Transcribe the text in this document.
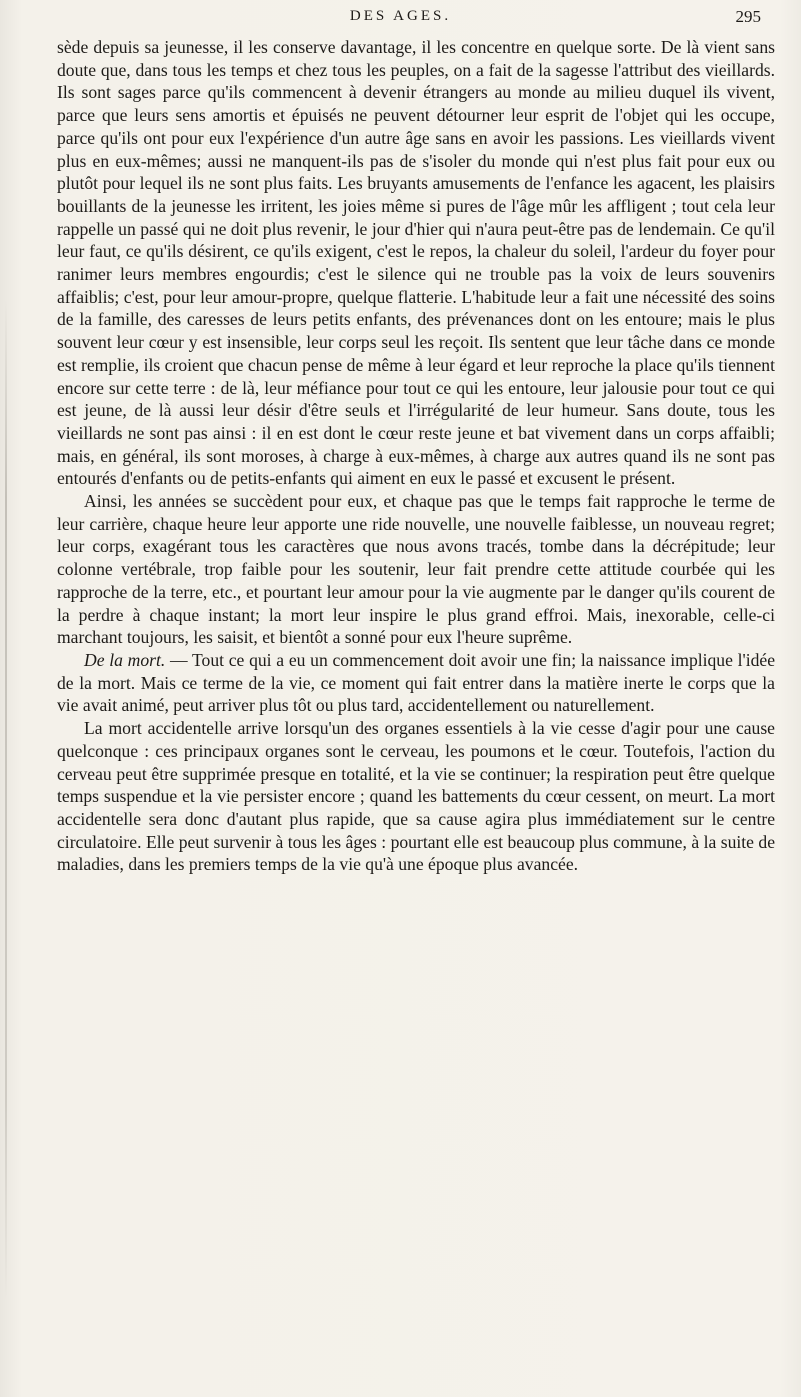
DES AGES.	295

sède depuis sa jeunesse, il les conserve davantage, il les concentre en quelque sorte. De là vient sans doute que, dans tous les temps et chez tous les peuples, on a fait de la sagesse l'attribut des vieillards. Ils sont sages parce qu'ils commencent à devenir étrangers au monde au milieu duquel ils vivent, parce que leurs sens amortis et épuisés ne peuvent détourner leur esprit de l'objet qui les occupe, parce qu'ils ont pour eux l'expérience d'un autre âge sans en avoir les passions. Les vieillards vivent plus en eux-mêmes; aussi ne manquent-ils pas de s'isoler du monde qui n'est plus fait pour eux ou plutôt pour lequel ils ne sont plus faits. Les bruyants amusements de l'enfance les agacent, les plaisirs bouillants de la jeunesse les irritent, les joies même si pures de l'âge mûr les affligent ; tout cela leur rappelle un passé qui ne doit plus revenir, le jour d'hier qui n'aura peut-être pas de lendemain. Ce qu'il leur faut, ce qu'ils désirent, ce qu'ils exigent, c'est le repos, la chaleur du soleil, l'ardeur du foyer pour ranimer leurs membres engourdis; c'est le silence qui ne trouble pas la voix de leurs souvenirs affaiblis; c'est, pour leur amour-propre, quelque flatterie. L'habitude leur a fait une nécessité des soins de la famille, des caresses de leurs petits enfants, des prévenances dont on les entoure; mais le plus souvent leur cœur y est insensible, leur corps seul les reçoit. Ils sentent que leur tâche dans ce monde est remplie, ils croient que chacun pense de même à leur égard et leur reproche la place qu'ils tiennent encore sur cette terre : de là, leur méfiance pour tout ce qui les entoure, leur jalousie pour tout ce qui est jeune, de là aussi leur désir d'être seuls et l'irrégularité de leur humeur. Sans doute, tous les vieillards ne sont pas ainsi : il en est dont le cœur reste jeune et bat vivement dans un corps affaibli; mais, en général, ils sont moroses, à charge à eux-mêmes, à charge aux autres quand ils ne sont pas entourés d'enfants ou de petits-enfants qui aiment en eux le passé et excusent le présent.

Ainsi, les années se succèdent pour eux, et chaque pas que le temps fait rapproche le terme de leur carrière, chaque heure leur apporte une ride nouvelle, une nouvelle faiblesse, un nouveau regret; leur corps, exagérant tous les caractères que nous avons tracés, tombe dans la décrépitude; leur colonne vertébrale, trop faible pour les soutenir, leur fait prendre cette attitude courbée qui les rapproche de la terre, etc., et pourtant leur amour pour la vie augmente par le danger qu'ils courent de la perdre à chaque instant; la mort leur inspire le plus grand effroi. Mais, inexorable, celle-ci marchant toujours, les saisit, et bientôt a sonné pour eux l'heure suprême.

De la mort. — Tout ce qui a eu un commencement doit avoir une fin; la naissance implique l'idée de la mort. Mais ce terme de la vie, ce moment qui fait entrer dans la matière inerte le corps que la vie avait animé, peut arriver plus tôt ou plus tard, accidentellement ou naturellement.

La mort accidentelle arrive lorsqu'un des organes essentiels à la vie cesse d'agir pour une cause quelconque : ces principaux organes sont le cerveau, les poumons et le cœur. Toutefois, l'action du cerveau peut être supprimée presque en totalité, et la vie se continuer; la respiration peut être quelque temps suspendue et la vie persister encore ; quand les battements du cœur cessent, on meurt. La mort accidentelle sera donc d'autant plus rapide, que sa cause agira plus immédiatement sur le centre circulatoire. Elle peut survenir à tous les âges : pourtant elle est beaucoup plus commune, à la suite de maladies, dans les premiers temps de la vie qu'à une époque plus avancée.
